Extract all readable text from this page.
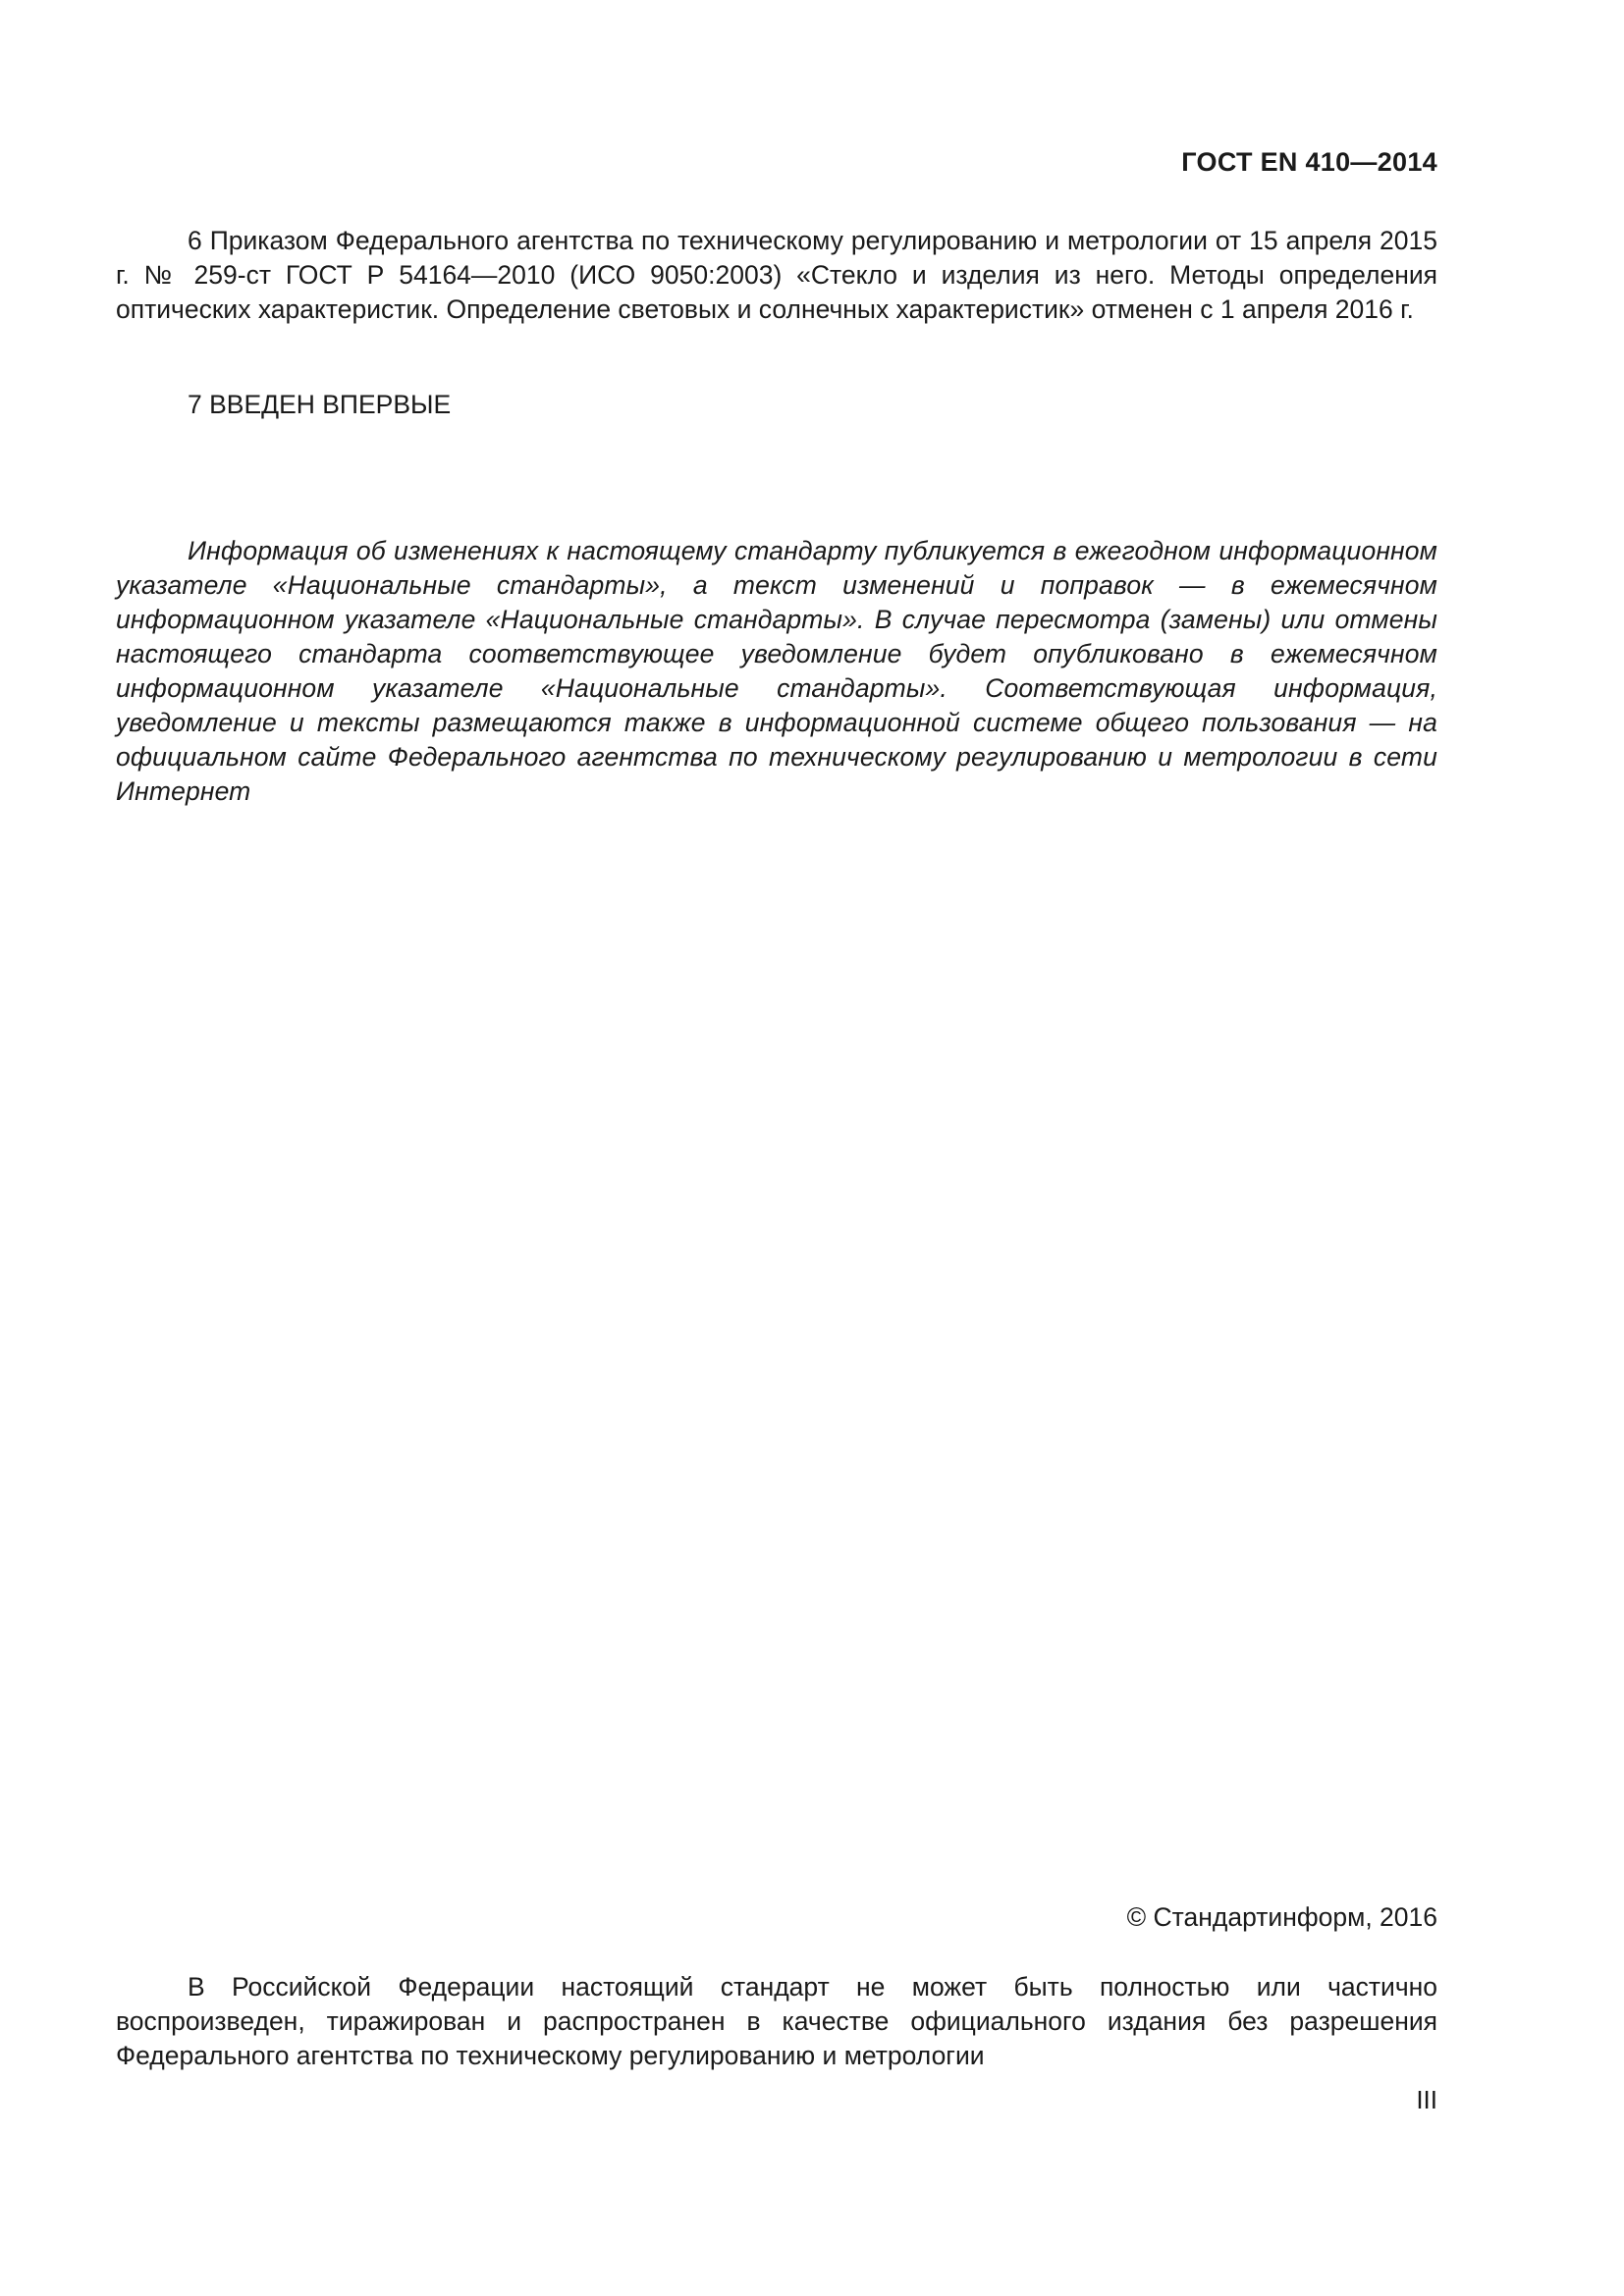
ГОСТ EN 410—2014

6 Приказом Федерального агентства по техническому регулированию и метрологии от 15 апреля 2015 г. № 259-ст ГОСТ Р 54164—2010 (ИСО 9050:2003) «Стекло и изделия из него. Методы определения оптических характеристик. Определение световых и солнечных характеристик» отменен с 1 апреля 2016 г.

7 ВВЕДЕН ВПЕРВЫЕ

Информация об изменениях к настоящему стандарту публикуется в ежегодном информационном указателе «Национальные стандарты», а текст изменений и поправок — в ежемесячном информационном указателе «Национальные стандарты». В случае пересмотра (замены) или отмены настоящего стандарта соответствующее уведомление будет опубликовано в ежемесячном информационном указателе «Национальные стандарты». Соответствующая информация, уведомление и тексты размещаются также в информационной системе общего пользования — на официальном сайте Федерального агентства по техническому регулированию и метрологии в сети Интернет

© Стандартинформ, 2016

В Российской Федерации настоящий стандарт не может быть полностью или частично воспроизведен, тиражирован и распространен в качестве официального издания без разрешения Федерального агентства по техническому регулированию и метрологии

III
